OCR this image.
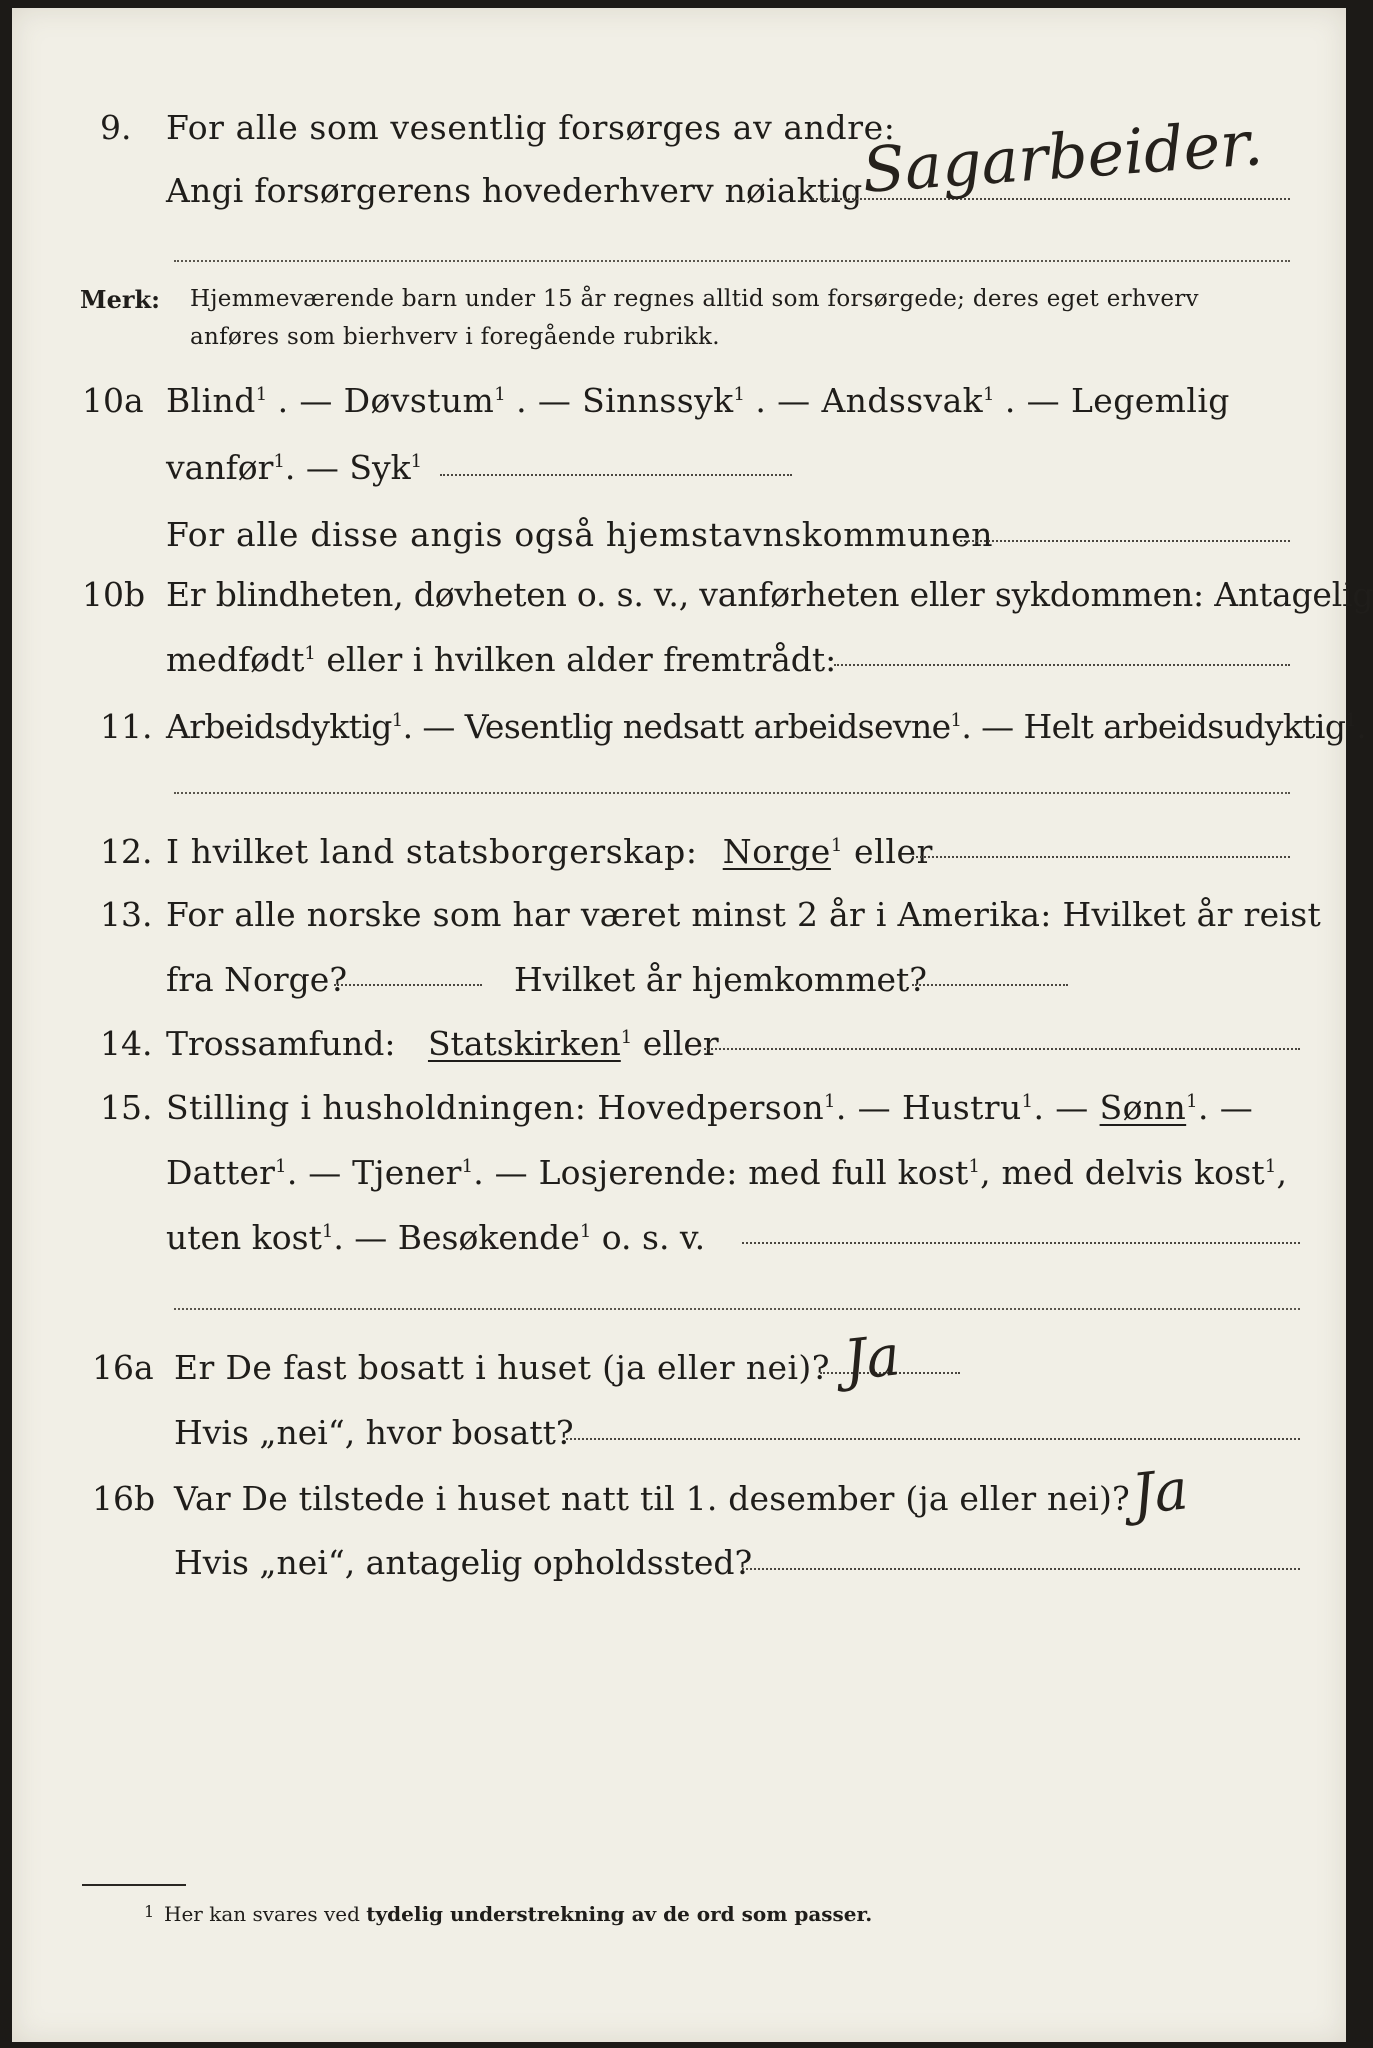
9. For alle som vesentlig forsørges av andre:
Angi forsørgerens hovederhverv nøiaktig
Sagarbeider.
Merk: Hjemmeværende barn under 15 år regnes alltid som forsørgede; deres eget erhverv
anføres som bierhverv i foregående rubrikk.
10a Blind$^1$ . — Døvstum$^1$ . — Sinnssyk$^1$ . — Andssvak$^1$ . — Legemlig
vanfør$^1$. — Syk$^1$
For alle disse angis også hjemstavnskommunen
10b Er blindheten, døvheten o. s. v., vanførheten eller sykdommen: Antagelig
medfødt$^1$ eller i hvilken alder fremtrådt:
11. Arbeidsdyktig$^1$. — Vesentlig nedsatt arbeidsevne$^1$. — Helt arbeidsudyktig$^1$.
12. I hvilket land statsborgerskap: Norge$^1$ eller
13. For alle norske som har været minst 2 år i Amerika: Hvilket år reist
fra Norge?	Hvilket år hjemkommet?
14. Trossamfund: Statskirken$^1$ eller
15. Stilling i husholdningen: Hovedperson$^1$. — Hustru$^1$. — Sønn$^1$. —
Datter$^1$. — Tjener$^1$. — Losjerende: med full kost$^1$, med delvis kost$^1$,
uten kost$^1$. — Besøkende$^1$ o. s. v.
16a Er De fast bosatt i huset (ja eller nei)? Ja
Hvis „nei“, hvor bosatt?
16b Var De tilstede i huset natt til 1. desember (ja eller nei)?
Ja
Hvis „nei“, antagelig opholdssted?
1 Her kan svares ved tydelig understrekning av de ord som passer.
